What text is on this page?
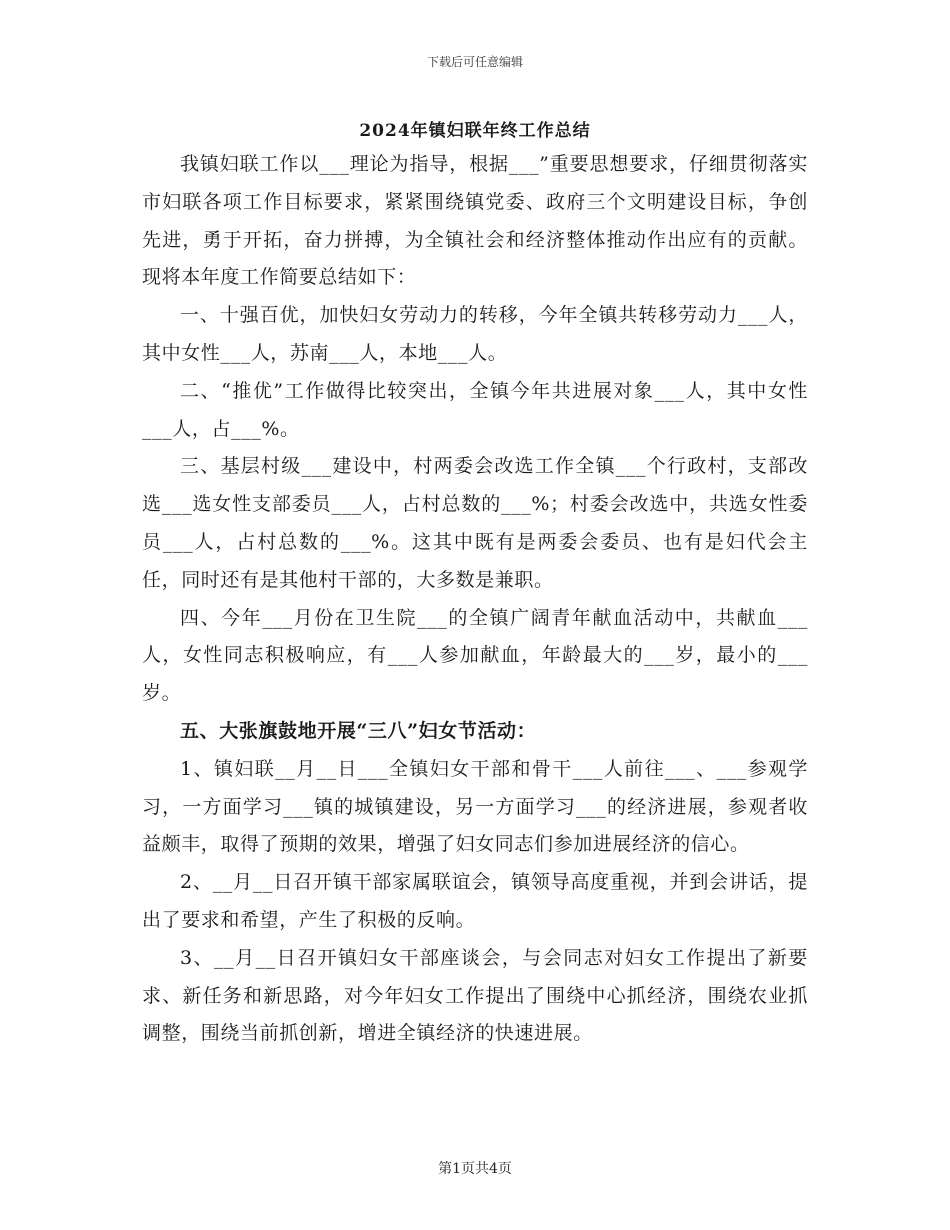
下载后可任意编辑
2024年镇妇联年终工作总结

我镇妇联工作以___理论为指导，根据___”重要思想要求，仔细贯彻落实市妇联各项工作目标要求，紧紧围绕镇党委、政府三个文明建设目标，争创先进，勇于开拓，奋力拼搏，为全镇社会和经济整体推动作出应有的贡献。现将本年度工作简要总结如下：

一、十强百优，加快妇女劳动力的转移，今年全镇共转移劳动力___人，其中女性___人，苏南___人，本地___人。

二、“推优”工作做得比较突出，全镇今年共进展对象___人，其中女性___人，占___%。

三、基层村级___建设中，村两委会改选工作全镇___个行政村，支部改选___选女性支部委员___人，占村总数的___%；村委会改选中，共选女性委员___人，占村总数的___%。这其中既有是两委会委员、也有是妇代会主任，同时还有是其他村干部的，大多数是兼职。

四、今年___月份在卫生院___的全镇广阔青年献血活动中，共献血___人，女性同志积极响应，有___人参加献血，年龄最大的___岁，最小的___岁。

五、大张旗鼓地开展“三八”妇女节活动：

1、镇妇联__月__日___全镇妇女干部和骨干___人前往___、___参观学习，一方面学习___镇的城镇建设，另一方面学习___的经济进展，参观者收益颇丰，取得了预期的效果，增强了妇女同志们参加进展经济的信心。

2、__月__日召开镇干部家属联谊会，镇领导高度重视，并到会讲话，提出了要求和希望，产生了积极的反响。

3、__月__日召开镇妇女干部座谈会，与会同志对妇女工作提出了新要求、新任务和新思路，对今年妇女工作提出了围绕中心抓经济，围绕农业抓调整，围绕当前抓创新，增进全镇经济的快速进展。

第1页共4页
